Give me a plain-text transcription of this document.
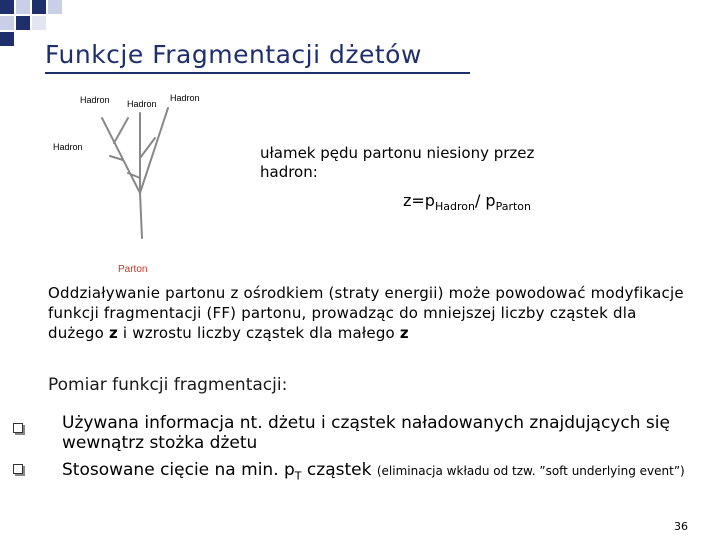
Funkcje Fragmentacji dżetów
Hadron Hadron
Hadron
Hadron
Parton
ułamek pędu partonu niesiony przez hadron:
$z=p_{Hadron}/$ $p_{Parton}$
Oddziaływanie partonu z ośrodkiem (straty energii) może powodować modyfikacje funkcji fragmentacji (FF) partonu, prowadząc do mniejszej liczby cząstek dla dużego z i wzrostu liczby cząstek dla małego z
Pomiar funkcji fragmentacji:
Używana informacja nt. dżetu i cząstek naładowanych znajdujących się wewnątrz stożka dżetu
Stosowane cięcie na min. $p_T$ cząstek (eliminacja wkładu od tzw. ”soft underlying event”)
36
